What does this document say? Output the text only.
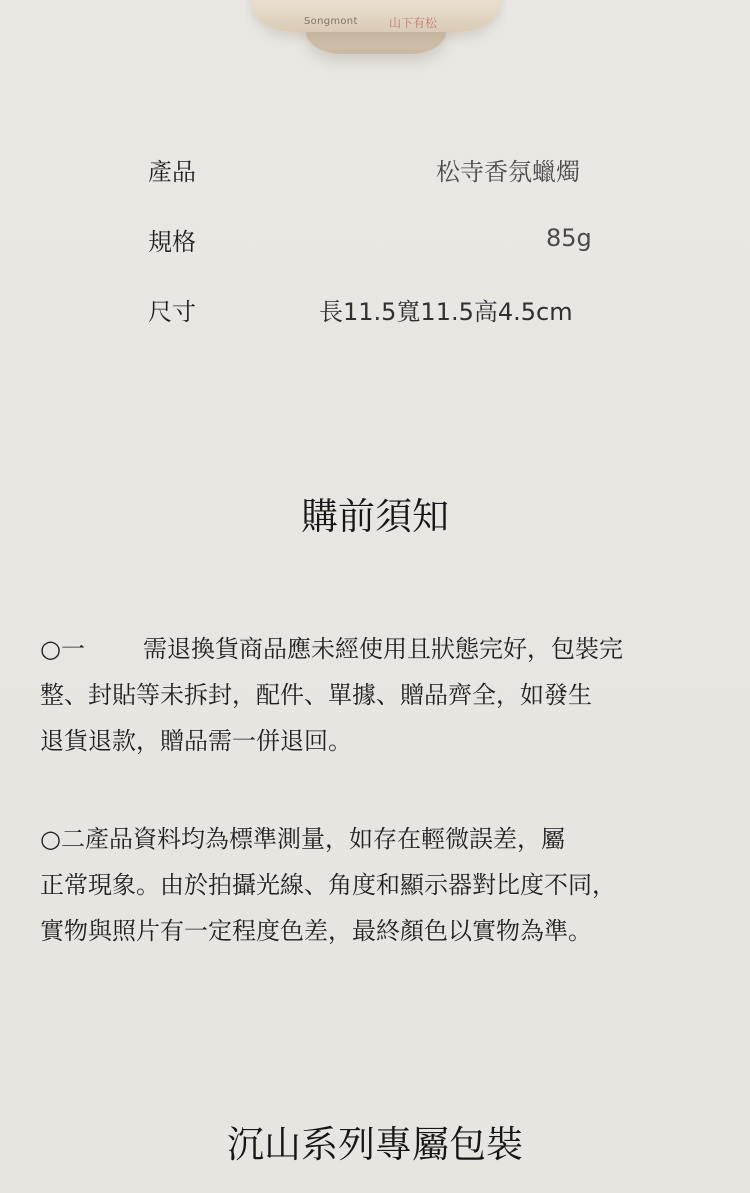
Songmont	山下有松
產品	松寺香氛蠟燭
規格	85g
尺寸	長11.5寬11.5高4.5cm
購前須知
○一 需退換貨商品應未經使用且狀態完好，包裝完
整、封貼等未拆封，配件、單據、贈品齊全，如發生
退貨退款，贈品需一併退回。
○二產品資料均為標準測量，如存在輕微誤差，屬
正常現象。由於拍攝光線、角度和顯示器對比度不同，
實物與照片有一定程度色差，最終顏色以實物為準。
沉山系列專屬包裝
